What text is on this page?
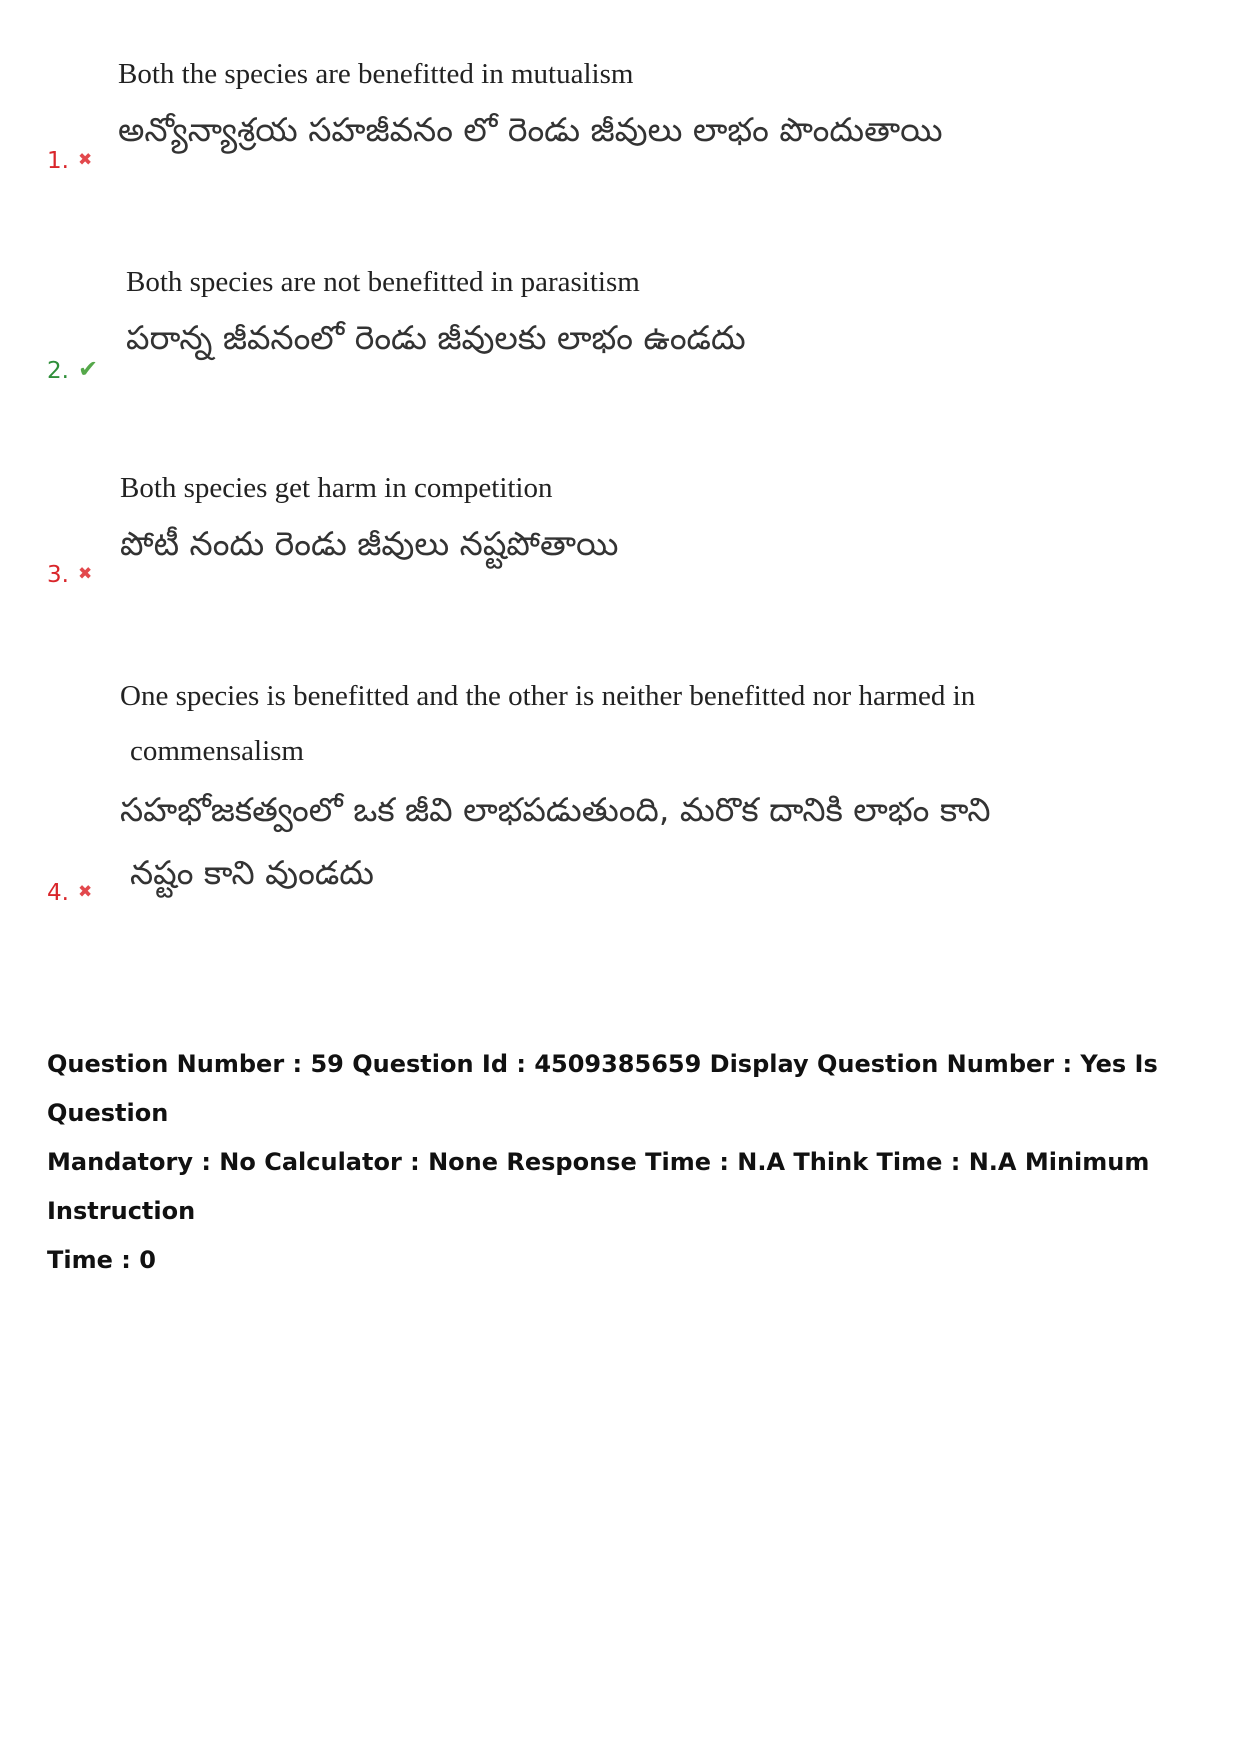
Both the species are benefitted in mutualism
అన్యోన్యాశ్రయ సహజీవనం లో రెండు జీవులు లాభం పొందుతాయి
1. ✖
Both species are not benefitted in parasitism
పరాన్న జీవనంలో రెండు జీవులకు లాభం ఉండదు
2. ✔
Both species get harm in competition
పోటీ నందు రెండు జీవులు నష్టపోతాయి
3. ✖
One species is benefitted and the other is neither benefitted nor harmed in
commensalism
సహభోజకత్వంలో ఒక జీవి లాభపడుతుంది, మరొక దానికి లాభం కాని
నష్టం కాని వుండదు
4. ✖
Question Number : 59 Question Id : 4509385659 Display Question Number : Yes Is Question
Mandatory : No Calculator : None Response Time : N.A Think Time : N.A Minimum Instruction
Time : 0
